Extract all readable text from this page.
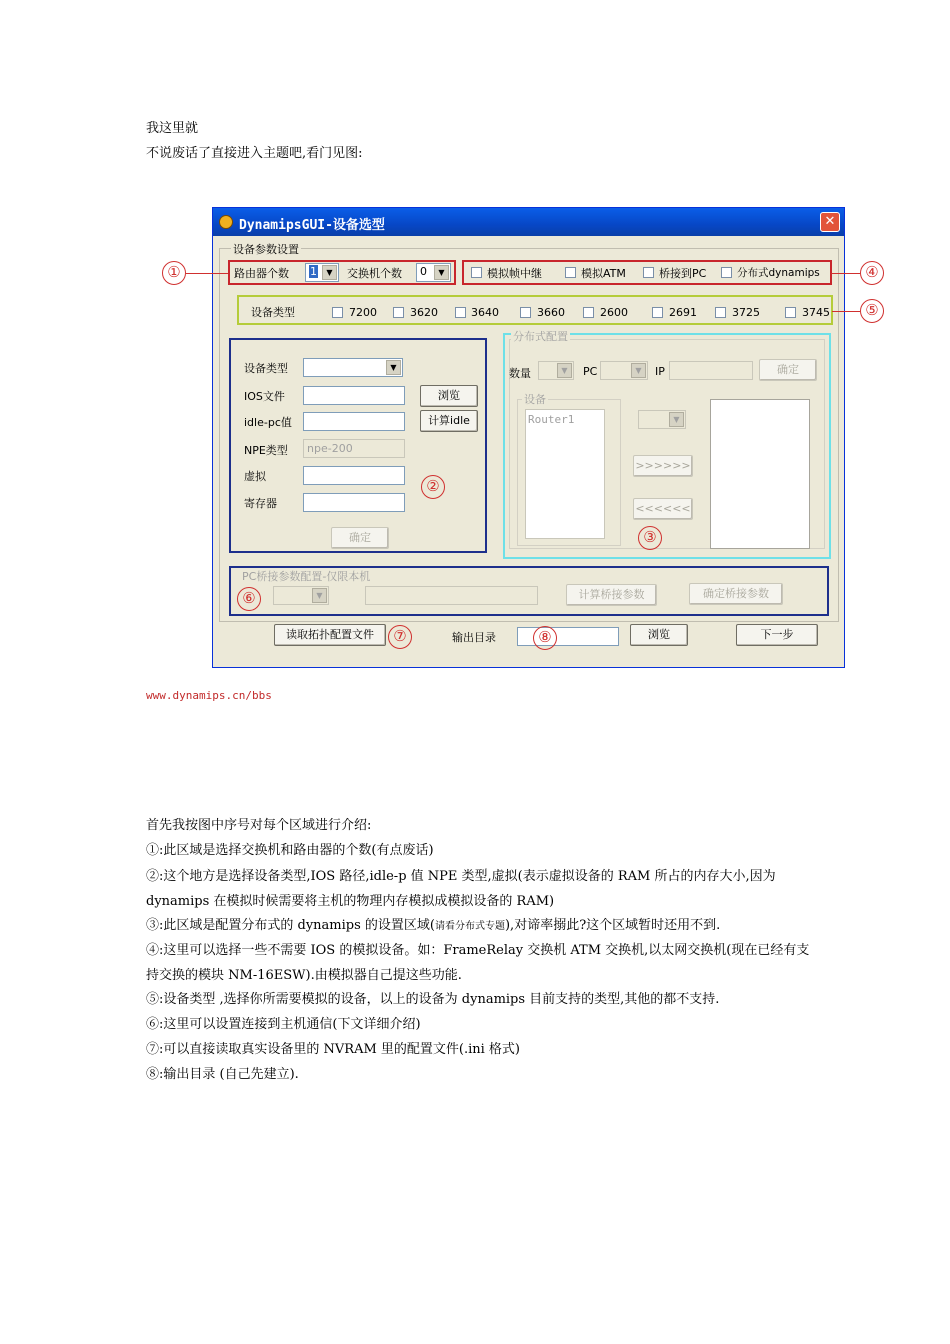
我这里就
不说废话了直接进入主题吧,看门见图:
DynamipsGUI-设备选型	✕
设备参数设置
路由器个数 1	▼	交换机个数 0	▼	模拟帧中继	模拟ATM	桥接到PC	分布式dynamips
设备类型	7200	3620	3640	3660	2600	2691	3725	3745
设备类型	▼
IOS文件	浏览
idle-pc值	计算idle
NPE类型	npe-200
虚拟
寄存器
确定
分布式配置
数量	▼	PC	▼	IP	确定
设备
Router1	▼
>>>>>>
<<<<<<
PC桥接参数配置-仅限本机
▼	计算桥接参数	确定桥接参数
读取拓扑配置文件	输出目录	浏览	下一步
②
③
⑥
⑦	⑧
①	④
⑤
www.dynamips.cn/bbs
首先我按图中序号对每个区域进行介绍:
①:此区域是选择交换机和路由器的个数(有点废话)
②:这个地方是选择设备类型,IOS 路径,idle-p 值 NPE 类型,虚拟(表示虚拟设备的 RAM 所占的内存大小,因为 dynamips 在模拟时候需要将主机的物理内存模拟成模拟设备的 RAM)
③:此区域是配置分布式的 dynamips 的设置区域(请看分布式专题),对谛率搦此?这个区域暂时还用不到.
④:这里可以选择一些不需要 IOS 的模拟设备。如：FrameRelay 交换机 ATM 交换机,以太网交换机(现在已经有支持交换的模块 NM-16ESW).由模拟器自己提这些功能.
⑤:设备类型 ,选择你所需要模拟的设备，以上的设备为 dynamips 目前支持的类型,其他的都不支持.
⑥:这里可以设置连接到主机通信(下文详细介绍)
⑦:可以直接读取真实设备里的 NVRAM 里的配置文件(.ini 格式)
⑧:输出目录 (自己先建立).
